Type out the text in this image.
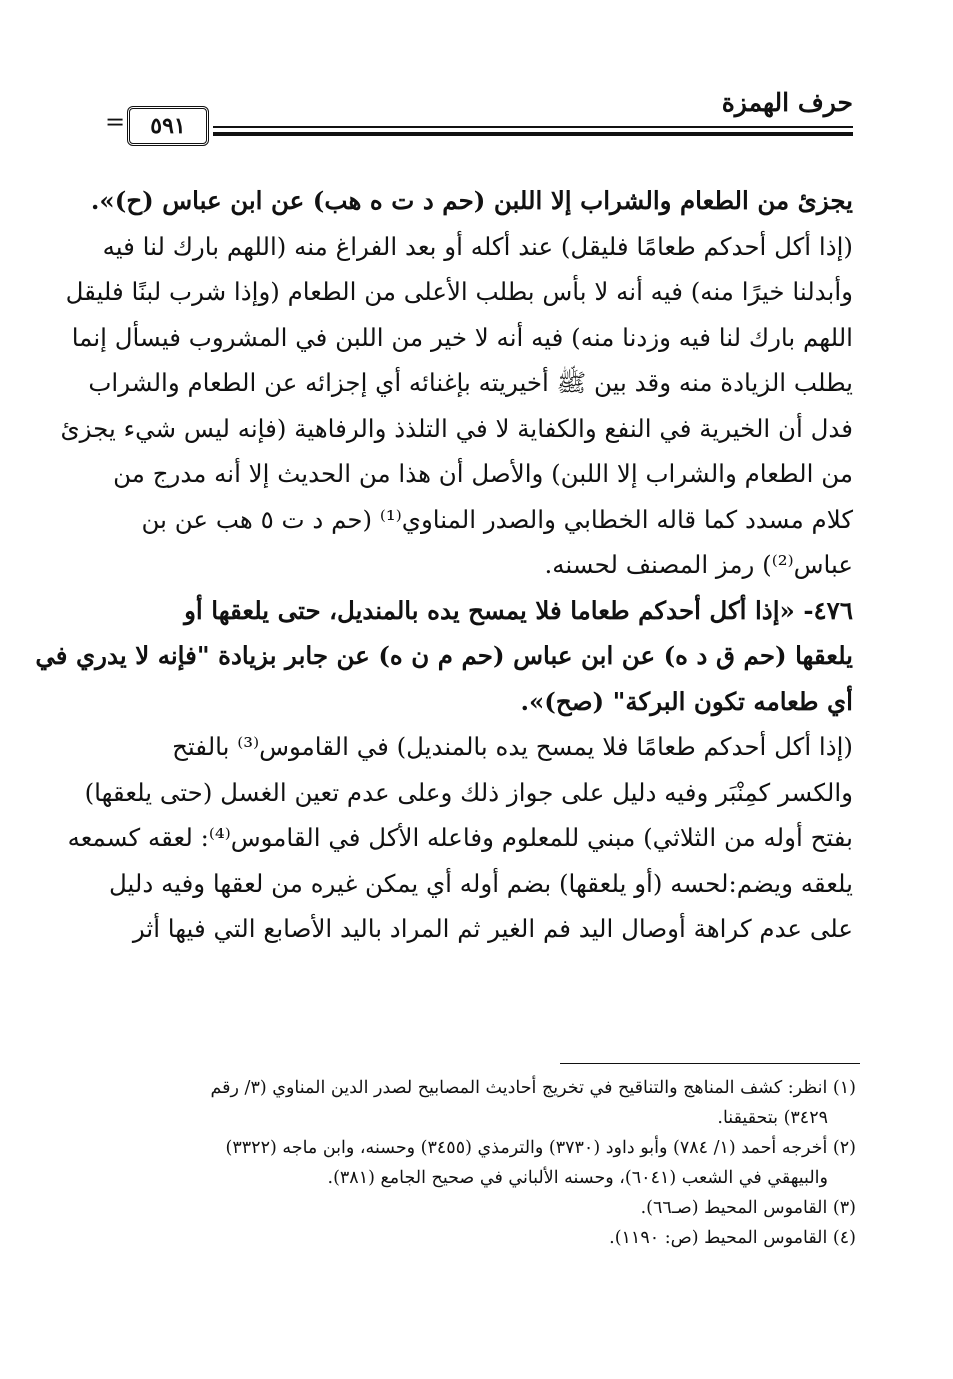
حرف الهمزة
٥٩١
=
يجزئ من الطعام والشراب إلا اللبن (حم د ت ه هب) عن ابن عباس (ح)».
(إذا أكل أحدكم طعامًا فليقل) عند أكله أو بعد الفراغ منه (اللهم بارك لنا فيه
وأبدلنا خيرًا منه) فيه أنه لا بأس بطلب الأعلى من الطعام (وإذا شرب لبنًا فليقل
اللهم بارك لنا فيه وزدنا منه) فيه أنه لا خير من اللبن في المشروب فيسأل إنما
يطلب الزيادة منه وقد بين ﷺ أخيريته بإغنائه أي إجزائه عن الطعام والشراب
فدل أن الخيرية في النفع والكفاية لا في التلذذ والرفاهية (فإنه ليس شيء يجزئ
من الطعام والشراب إلا اللبن) والأصل أن هذا من الحديث إلا أنه مدرج من
كلام مسدد كما قاله الخطابي والصدر المناوي⁽¹⁾ (حم د ت ٥ هب عن بن
عباس⁽²⁾) رمز المصنف لحسنه.
٤٧٦- «إذا أكل أحدكم طعاما فلا يمسح يده بالمنديل، حتى يلعقها أو
يلعقها (حم ق د ه) عن ابن عباس (حم م ن ه) عن جابر بزيادة "فإنه لا يدري في
أي طعامه تكون البركة" (صح)».
(إذا أكل أحدكم طعامًا فلا يمسح يده بالمنديل) في القاموس⁽³⁾ بالفتح
والكسر كمِنْبَر وفيه دليل على جواز ذلك وعلى عدم تعين الغسل (حتى يلعقها)
بفتح أوله من الثلاثي) مبني للمعلوم وفاعله الأكل في القاموس⁽⁴⁾: لعقه كسمعه
يلعقه ويضم:لحسه (أو يلعقها) بضم أوله أي يمكن غيره من لعقها وفيه دليل
على عدم كراهة أوصال اليد فم الغير ثم المراد باليد الأصابع التي فيها أثر
(١) انظر: كشف المناهج والتناقيح في تخريج أحاديث المصابيح لصدر الدين المناوي (٣/ رقم
٣٤٢٩) بتحقيقنا.
(٢) أخرجه أحمد (١/ ٧٨٤) وأبو داود (٣٧٣٠) والترمذي (٣٤٥٥) وحسنه، وابن ماجه (٣٣٢٢)
والبيهقي في الشعب (٦٠٤١)، وحسنه الألباني في صحيح الجامع (٣٨١).
(٣) القاموس المحيط (صـ٦٦).
(٤) القاموس المحيط (ص: ١١٩٠).
